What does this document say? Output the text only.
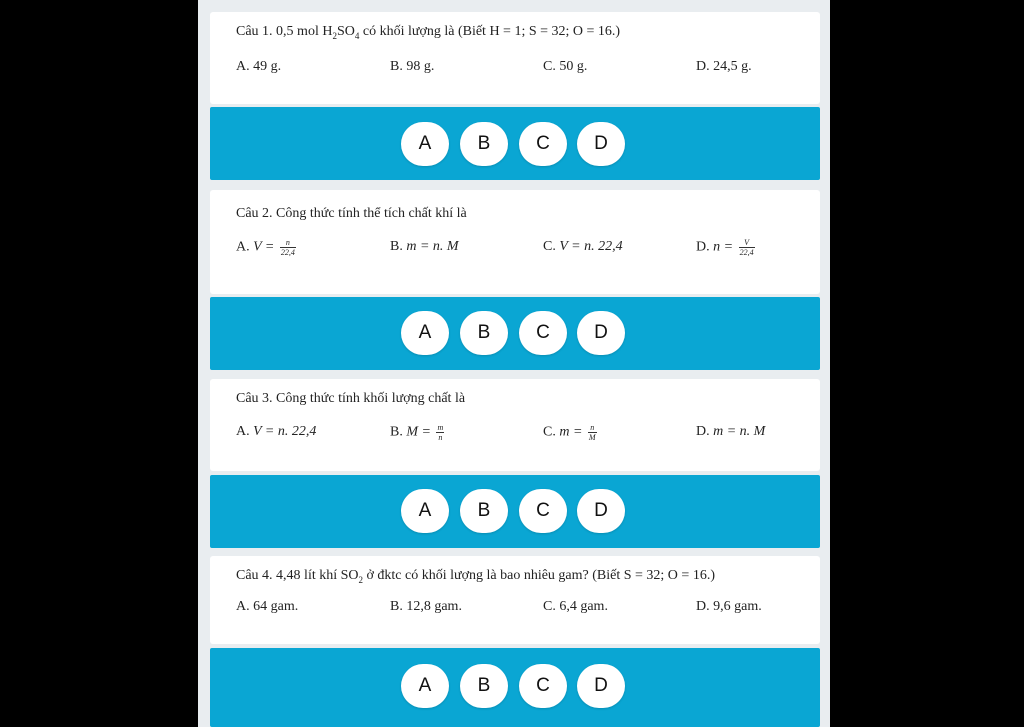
Câu 1. 0,5 mol $H_2SO_4$ có khối lượng là (Biết H = 1; S = 32; O = 16.)
A. 49 g.	B. 98 g.	C. 50 g.	D. 24,5 g.
A	B	C	D
Câu 2. Công thức tính thể tích chất khí là
A. $V = \frac{n}{22,4}$	B. m = n. M	C. V = n. 22,4	D. $n = \frac{V}{22,4}$
A	B	C	D
Câu 3. Công thức tính khối lượng chất là
A. V = n. 22,4	B. $M = \frac{m}{n}$	C. $m = \frac{n}{M}$	D. m = n. M
A	B	C	D
Câu 4. 4,48 lít khí $SO_2$ ở đktc có khối lượng là bao nhiêu gam? (Biết S = 32; O = 16.)
A. 64 gam.	B. 12,8 gam.	C. 6,4 gam.	D. 9,6 gam.
A	B	C	D
